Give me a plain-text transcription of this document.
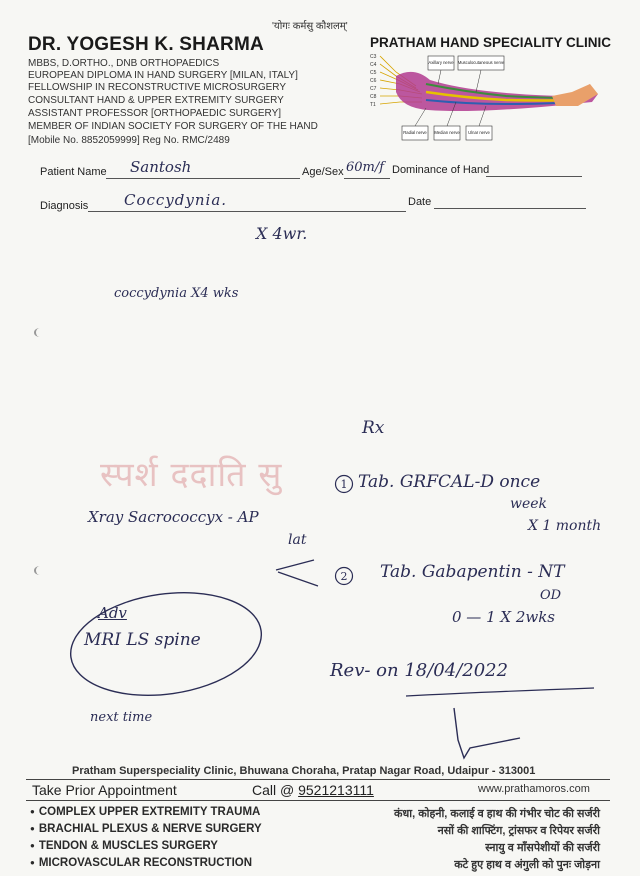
'योगः कर्मसु कौशलम्'
DR. YOGESH K. SHARMA
MBBS, D.ORTHO., DNB ORTHOPAEDICS
EUROPEAN DIPLOMA IN HAND SURGERY [MILAN, ITALY]
FELLOWSHIP IN RECONSTRUCTIVE MICROSURGERY
CONSULTANT HAND & UPPER EXTREMITY SURGERY
ASSISTANT PROFESSOR [ORTHOPAEDIC SURGERY]
MEMBER OF INDIAN SOCIETY FOR SURGERY OF THE HAND
[Mobile No. 8852059999] Reg No. RMC/2489
PRATHAM HAND SPECIALITY CLINIC
C3
C4
C5
C6
C7
C8
T1
Axillary nerve Musculocutaneous nerve
Radial nerve Median nerve Ulnar nerve
Patient Name Santosh	Age/Sex 60m/f Dominance of Hand
Diagnosis Coccydynia.	Date
X 4wr.
coccydynia X4 wks
Rx
स्पर्श ददाति सु	1 Tab. GRFCAL-D once
week
X 1 month
Xray Sacrococcyx - AP
lat
2 Tab. Gabapentin - NT
OD
0 — 1 X 2wks
Adv
MRI LS spine
next time
Rev- on 18/04/2022
Pratham Superspeciality Clinic, Bhuwana Choraha, Pratap Nagar Road, Udaipur - 313001
Take Prior Appointment	Call @ 9521213111	www.prathamoros.com
● COMPLEX UPPER EXTREMITY TRAUMA
● BRACHIAL PLEXUS & NERVE SURGERY
● TENDON & MUSCLES SURGERY
● MICROVASCULAR RECONSTRUCTION
कंधा, कोहनी, कलाई व हाथ की गंभीर चोट की सर्जरी
नसों की शाफ्टिंग, ट्रांसफर व रिपेयर सर्जरी
स्नायु व माँसपेशीयों की सर्जरी
कटे हुए हाथ व अंगुली को पुनः जोड़ना
